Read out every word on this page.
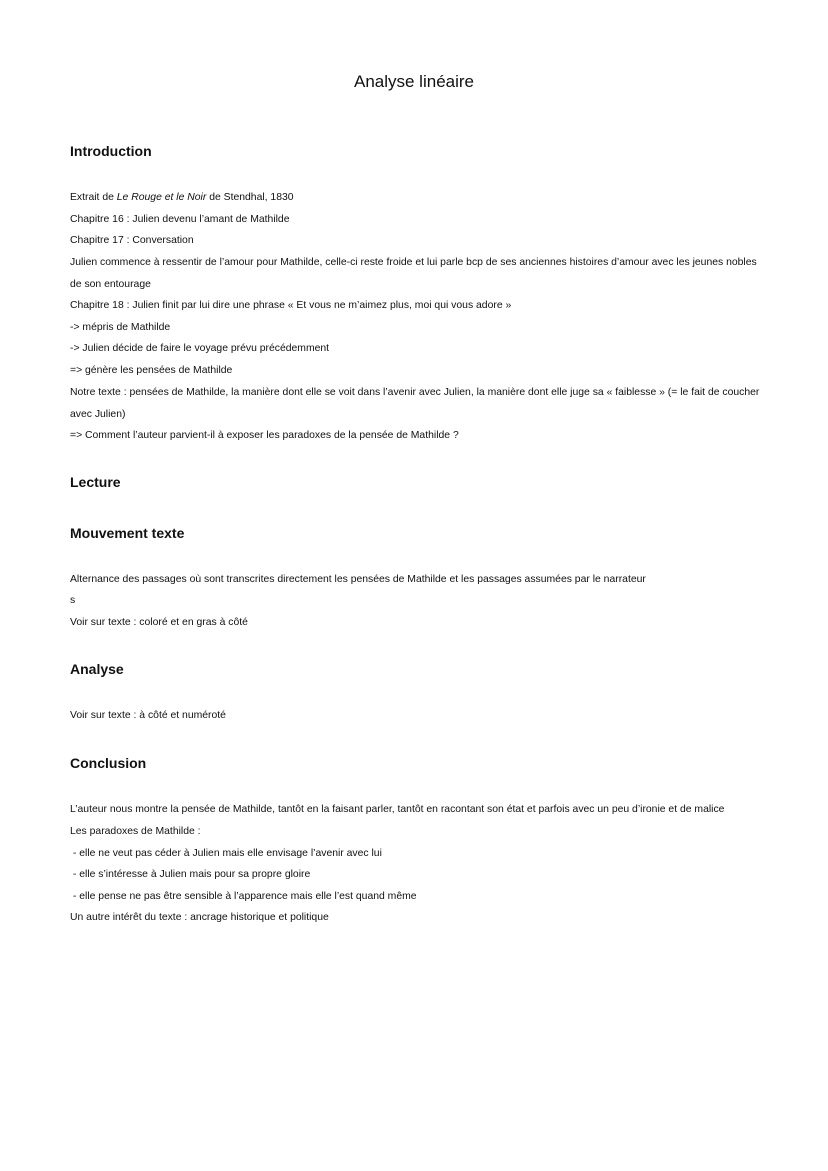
Analyse linéaire
Introduction
Extrait de Le Rouge et le Noir de Stendhal, 1830
Chapitre 16 : Julien devenu l’amant de Mathilde
Chapitre 17 : Conversation
Julien commence à ressentir de l’amour pour Mathilde, celle-ci reste froide et lui parle bcp de ses anciennes histoires d’amour avec les jeunes nobles de son entourage
Chapitre 18 : Julien finit par lui dire une phrase « Et vous ne m’aimez plus, moi qui vous adore »
-> mépris de Mathilde
-> Julien décide de faire le voyage prévu précédemment
=> génère les pensées de Mathilde
Notre texte : pensées de Mathilde, la manière dont elle se voit dans l’avenir avec Julien, la manière dont elle juge sa « faiblesse » (= le fait de coucher avec Julien)
=> Comment l’auteur parvient-il à exposer les paradoxes de la pensée de Mathilde ?
Lecture
Mouvement texte
Alternance des passages où sont transcrites directement les pensées de Mathilde et les passages assumées par le narrateur
s
Voir sur texte : coloré et en gras à côté
Analyse
Voir sur texte : à côté et numéroté
Conclusion
L’auteur nous montre la pensée de Mathilde, tantôt en la faisant parler, tantôt en racontant son état et parfois avec un peu d’ironie et de malice
Les paradoxes de Mathilde :
- elle ne veut pas céder à Julien mais elle envisage l’avenir avec lui
- elle s’intéresse à Julien mais pour sa propre gloire
- elle pense ne pas être sensible à l’apparence mais elle l’est quand même
Un autre intérêt du texte : ancrage historique et politique
